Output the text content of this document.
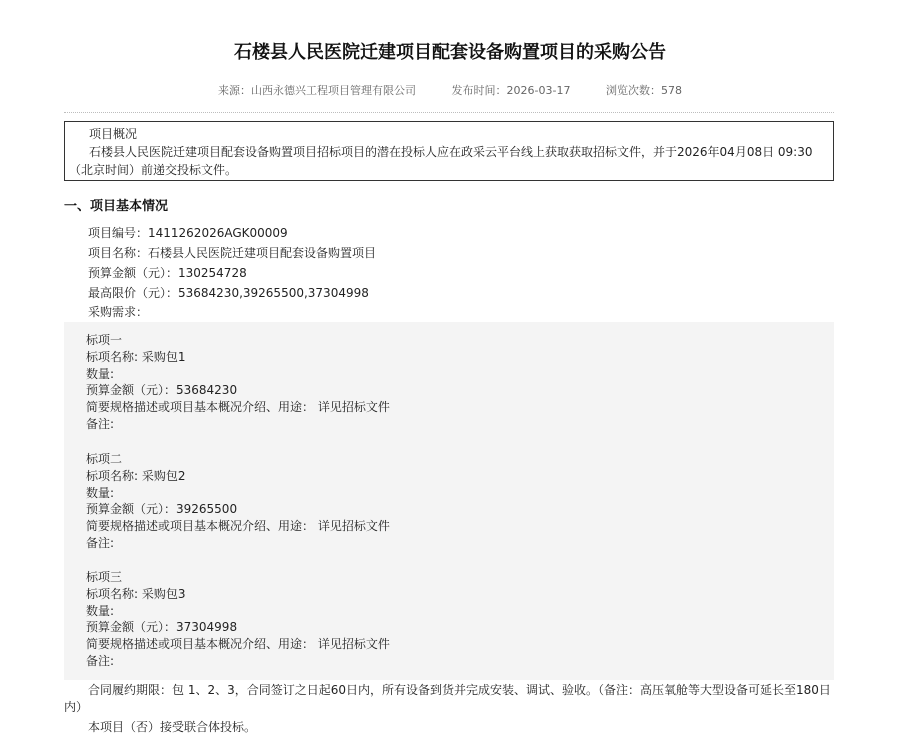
石楼县人民医院迁建项目配套设备购置项目的采购公告
来源：山西永德兴工程项目管理有限公司	发布时间：2026-03-17	浏览次数：578
项目概况
石楼县人民医院迁建项目配套设备购置项目招标项目的潜在投标人应在政采云平台线上获取获取招标文件，并于2026年04月08日 09:30（北京时间）前递交投标文件。
一、项目基本情况
项目编号：1411262026AGK00009
项目名称：石楼县人民医院迁建项目配套设备购置项目
预算金额（元）：130254728
最高限价（元）：53684230,39265500,37304998
采购需求：
标项一
标项名称: 采购包1
数量:
预算金额（元）：53684230
简要规格描述或项目基本概况介绍、用途： 详见招标文件
备注:
标项二
标项名称: 采购包2
数量:
预算金额（元）：39265500
简要规格描述或项目基本概况介绍、用途： 详见招标文件
备注:
标项三
标项名称: 采购包3
数量:
预算金额（元）：37304998
简要规格描述或项目基本概况介绍、用途： 详见招标文件
备注:
合同履约期限：包 1、2、3，合同签订之日起60日内，所有设备到货并完成安装、调试、验收。（备注：高压氧舱等大型设备可延长至180日内）
本项目（否）接受联合体投标。
